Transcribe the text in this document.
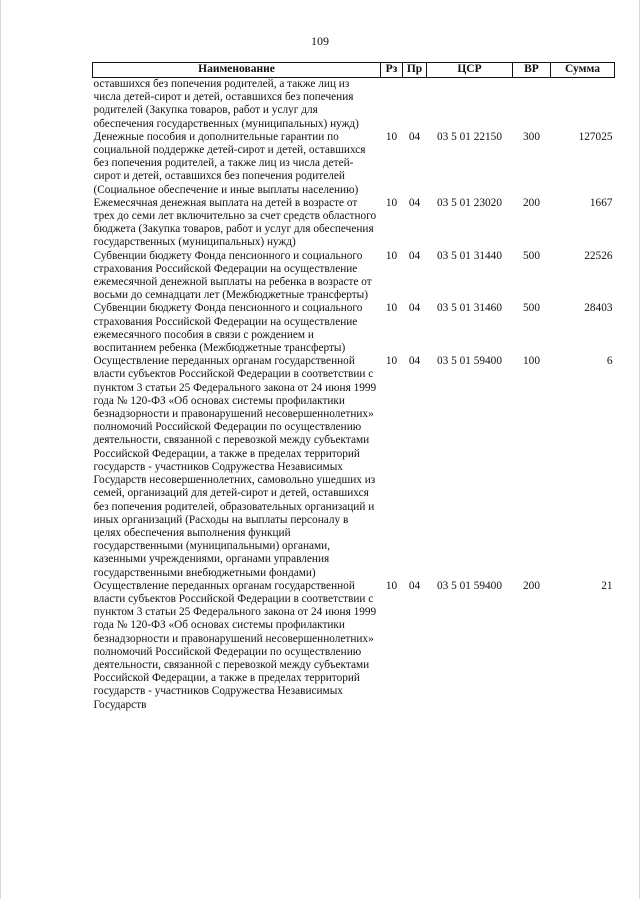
109
Наименование	Рз	Пр	ЦСР	ВР	Сумма
оставшихся без попечения родителей, а также лиц из числа детей-сирот и детей, оставшихся без попечения родителей (Закупка товаров, работ и услуг для обеспечения государственных (муниципальных) нужд)					
Денежные пособия и дополнительные гарантии по социальной поддержке детей-сирот и детей, оставшихся без попечения родителей, а также лиц из числа детей-сирот и детей, оставшихся без попечения родителей (Социальное обеспечение и иные выплаты населению)	10	04	03 5 01 22150	300	127025
Ежемесячная денежная выплата на детей в возрасте от трех до семи лет включительно за счет средств областного бюджета (Закупка товаров, работ и услуг для обеспечения государственных (муниципальных) нужд)	10	04	03 5 01 23020	200	1667
Субвенции бюджету Фонда пенсионного и социального страхования Российской Федерации на осуществление ежемесячной денежной выплаты на ребенка в возрасте от восьми до семнадцати лет (Межбюджетные трансферты)	10	04	03 5 01 31440	500	22526
Субвенции бюджету Фонда пенсионного и социального страхования Российской Федерации на осуществление ежемесячного пособия в связи с рождением и воспитанием ребенка (Межбюджетные трансферты)	10	04	03 5 01 31460	500	28403
Осуществление переданных органам государственной власти субъектов Российской Федерации в соответствии с пунктом 3 статьи 25 Федерального закона от 24 июня 1999 года № 120-ФЗ «Об основах системы профилактики безнадзорности и правонарушений несовершеннолетних» полномочий Российской Федерации по осуществлению деятельности, связанной с перевозкой между субъектами Российской Федерации, а также в пределах территорий государств - участников Содружества Независимых Государств несовершеннолетних, самовольно ушедших из семей, организаций для детей-сирот и детей, оставшихся без попечения родителей, образовательных организаций и иных организаций (Расходы на выплаты персоналу в целях обеспечения выполнения функций государственными (муниципальными) органами, казенными учреждениями, органами управления государственными внебюджетными фондами)	10	04	03 5 01 59400	100	6
Осуществление переданных органам государственной власти субъектов Российской Федерации в соответствии с пунктом 3 статьи 25 Федерального закона от 24 июня 1999 года № 120-ФЗ «Об основах системы профилактики безнадзорности и правонарушений несовершеннолетних» полномочий Российской Федерации по осуществлению деятельности, связанной с перевозкой между субъектами Российской Федерации, а также в пределах территорий государств - участников Содружества Независимых Государств	10	04	03 5 01 59400	200	21
